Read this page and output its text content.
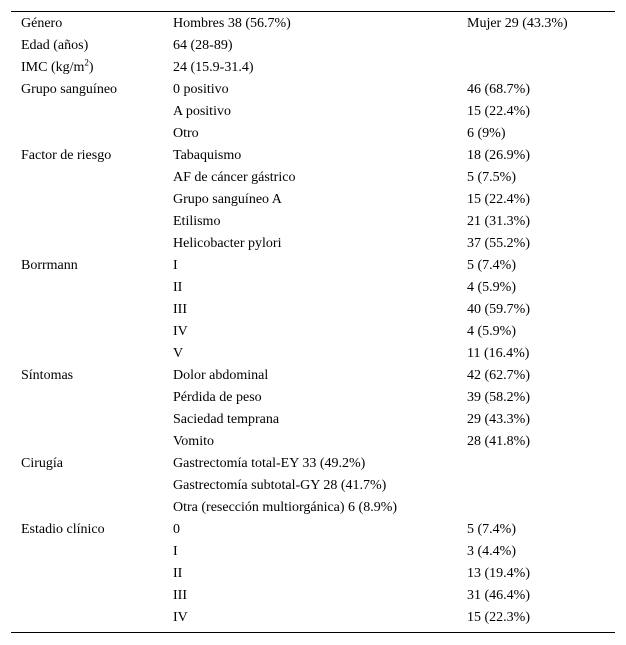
Género	Hombres 38 (56.7%)	Mujer 29 (43.3%)
Edad (años)	64 (28-89)	
IMC $(kg/m^2)$	24 (15.9-31.4)	
Grupo sanguíneo	0 positivo	46 (68.7%)
	A positivo	15 (22.4%)
	Otro	6 (9%)
Factor de riesgo	Tabaquismo	18 (26.9%)
	AF de cáncer gástrico	5 (7.5%)
	Grupo sanguíneo A	15 (22.4%)
	Etilismo	21 (31.3%)
	Helicobacter pylori	37 (55.2%)
Borrmann	I	5 (7.4%)
	II	4 (5.9%)
	III	40 (59.7%)
	IV	4 (5.9%)
	V	11 (16.4%)
Síntomas	Dolor abdominal	42 (62.7%)
	Pérdida de peso	39 (58.2%)
	Saciedad temprana	29 (43.3%)
	Vomito	28 (41.8%)
Cirugía	Gastrectomía total-EY 33 (49.2%)	
	Gastrectomía subtotal-GY 28 (41.7%)	
	Otra (resección multiorgánica) 6 (8.9%)	
Estadio clínico	0	5 (7.4%)
	I	3 (4.4%)
	II	13 (19.4%)
	III	31 (46.4%)
	IV	15 (22.3%)
